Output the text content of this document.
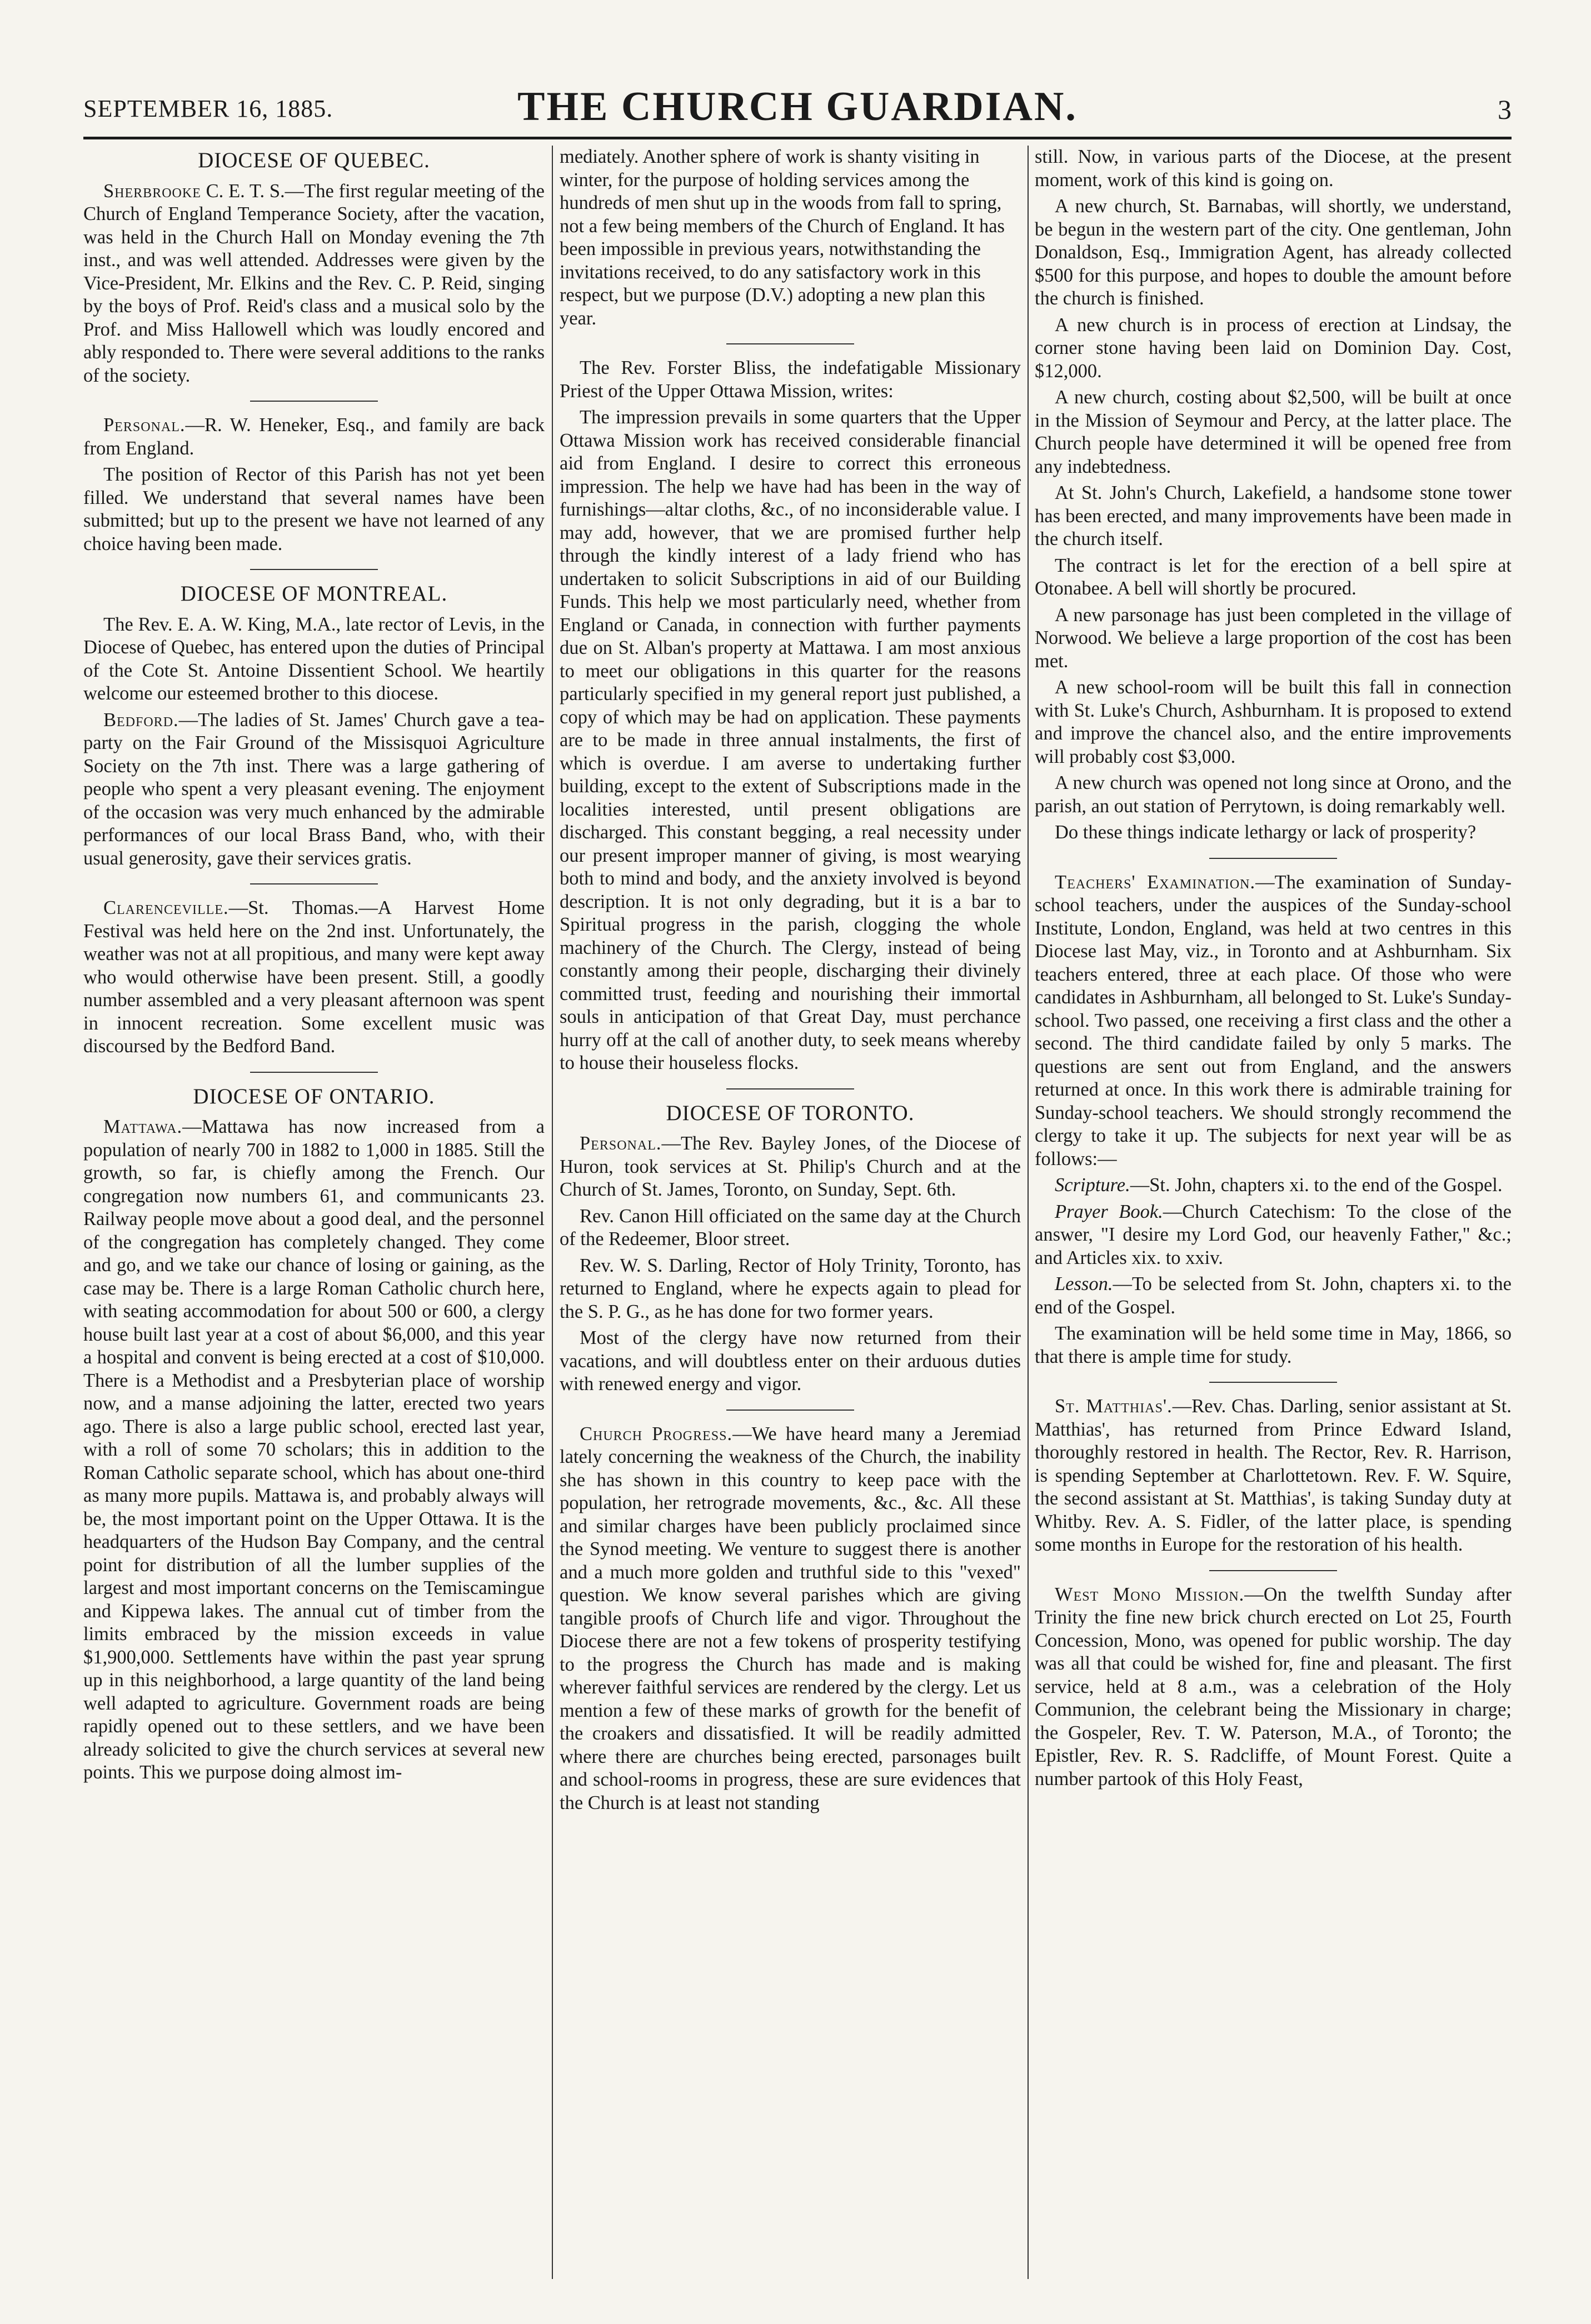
SEPTEMBER 16, 1885.	THE CHURCH GUARDIAN.	3
DIOCESE OF QUEBEC.

Sherbrooke C. E. T. S.—The first regular meeting of the Church of England Temperance Society, after the vacation, was held in the Church Hall on Monday evening the 7th inst., and was well attended. Addresses were given by the Vice-President, Mr. Elkins and the Rev. C. P. Reid, singing by the boys of Prof. Reid's class and a musical solo by the Prof. and Miss Hallowell which was loudly encored and ably responded to. There were several additions to the ranks of the society.

Personal.—R. W. Heneker, Esq., and family are back from England.

The position of Rector of this Parish has not yet been filled. We understand that several names have been submitted; but up to the present we have not learned of any choice having been made.

DIOCESE OF MONTREAL.

The Rev. E. A. W. King, M.A., late rector of Levis, in the Diocese of Quebec, has entered upon the duties of Principal of the Cote St. Antoine Dissentient School. We heartily welcome our esteemed brother to this diocese.

Bedford.—The ladies of St. James' Church gave a tea-party on the Fair Ground of the Missisquoi Agriculture Society on the 7th inst. There was a large gathering of people who spent a very pleasant evening. The enjoyment of the occasion was very much enhanced by the admirable performances of our local Brass Band, who, with their usual generosity, gave their services gratis.

Clarenceville.—St. Thomas.—A Harvest Home Festival was held here on the 2nd inst. Unfortunately, the weather was not at all propitious, and many were kept away who would otherwise have been present. Still, a goodly number assembled and a very pleasant afternoon was spent in innocent recreation. Some excellent music was discoursed by the Bedford Band.

DIOCESE OF ONTARIO.

Mattawa.—Mattawa has now increased from a population of nearly 700 in 1882 to 1,000 in 1885. Still the growth, so far, is chiefly among the French. Our congregation now numbers 61, and communicants 23. Railway people move about a good deal, and the personnel of the congregation has completely changed. They come and go, and we take our chance of losing or gaining, as the case may be. There is a large Roman Catholic church here, with seating accommodation for about 500 or 600, a clergy house built last year at a cost of about $6,000, and this year a hospital and convent is being erected at a cost of $10,000. There is a Methodist and a Presbyterian place of worship now, and a manse adjoining the latter, erected two years ago. There is also a large public school, erected last year, with a roll of some 70 scholars; this in addition to the Roman Catholic separate school, which has about one-third as many more pupils. Mattawa is, and probably always will be, the most important point on the Upper Ottawa. It is the headquarters of the Hudson Bay Company, and the central point for distribution of all the lumber supplies of the largest and most important concerns on the Temiscamingue and Kippewa lakes. The annual cut of timber from the limits embraced by the mission exceeds in value $1,900,000. Settlements have within the past year sprung up in this neighborhood, a large quantity of the land being well adapted to agriculture. Government roads are being rapidly opened out to these settlers, and we have been already solicited to give the church services at several new points. This we purpose doing almost im-

mediately. Another sphere of work is shanty visiting in winter, for the purpose of holding services among the hundreds of men shut up in the woods from fall to spring, not a few being members of the Church of England. It has been impossible in previous years, notwithstanding the invitations received, to do any satisfactory work in this respect, but we purpose (D.V.) adopting a new plan this year.

The Rev. Forster Bliss, the indefatigable Missionary Priest of the Upper Ottawa Mission, writes:

The impression prevails in some quarters that the Upper Ottawa Mission work has received considerable financial aid from England. I desire to correct this erroneous impression. The help we have had has been in the way of furnishings—altar cloths, &c., of no inconsiderable value. I may add, however, that we are promised further help through the kindly interest of a lady friend who has undertaken to solicit Subscriptions in aid of our Building Funds. This help we most particularly need, whether from England or Canada, in connection with further payments due on St. Alban's property at Mattawa. I am most anxious to meet our obligations in this quarter for the reasons particularly specified in my general report just published, a copy of which may be had on application. These payments are to be made in three annual instalments, the first of which is overdue. I am averse to undertaking further building, except to the extent of Subscriptions made in the localities interested, until present obligations are discharged. This constant begging, a real necessity under our present improper manner of giving, is most wearying both to mind and body, and the anxiety involved is beyond description. It is not only degrading, but it is a bar to Spiritual progress in the parish, clogging the whole machinery of the Church. The Clergy, instead of being constantly among their people, discharging their divinely committed trust, feeding and nourishing their immortal souls in anticipation of that Great Day, must perchance hurry off at the call of another duty, to seek means whereby to house their houseless flocks.

DIOCESE OF TORONTO.

Personal.—The Rev. Bayley Jones, of the Diocese of Huron, took services at St. Philip's Church and at the Church of St. James, Toronto, on Sunday, Sept. 6th.

Rev. Canon Hill officiated on the same day at the Church of the Redeemer, Bloor street.

Rev. W. S. Darling, Rector of Holy Trinity, Toronto, has returned to England, where he expects again to plead for the S. P. G., as he has done for two former years.

Most of the clergy have now returned from their vacations, and will doubtless enter on their arduous duties with renewed energy and vigor.

Church Progress.—We have heard many a Jeremiad lately concerning the weakness of the Church, the inability she has shown in this country to keep pace with the population, her retrograde movements, &c., &c. All these and similar charges have been publicly proclaimed since the Synod meeting. We venture to suggest there is another and a much more golden and truthful side to this "vexed" question. We know several parishes which are giving tangible proofs of Church life and vigor. Throughout the Diocese there are not a few tokens of prosperity testifying to the progress the Church has made and is making wherever faithful services are rendered by the clergy. Let us mention a few of these marks of growth for the benefit of the croakers and dissatisfied. It will be readily admitted where there are churches being erected, parsonages built and school-rooms in progress, these are sure evidences that the Church is at least not standing

still. Now, in various parts of the Diocese, at the present moment, work of this kind is going on.

A new church, St. Barnabas, will shortly, we understand, be begun in the western part of the city. One gentleman, John Donaldson, Esq., Immigration Agent, has already collected $500 for this purpose, and hopes to double the amount before the church is finished.

A new church is in process of erection at Lindsay, the corner stone having been laid on Dominion Day. Cost, $12,000.

A new church, costing about $2,500, will be built at once in the Mission of Seymour and Percy, at the latter place. The Church people have determined it will be opened free from any indebtedness.

At St. John's Church, Lakefield, a handsome stone tower has been erected, and many improvements have been made in the church itself.

The contract is let for the erection of a bell spire at Otonabee. A bell will shortly be procured.

A new parsonage has just been completed in the village of Norwood. We believe a large proportion of the cost has been met.

A new school-room will be built this fall in connection with St. Luke's Church, Ashburnham. It is proposed to extend and improve the chancel also, and the entire improvements will probably cost $3,000.

A new church was opened not long since at Orono, and the parish, an out station of Perrytown, is doing remarkably well.

Do these things indicate lethargy or lack of prosperity?

Teachers' Examination.—The examination of Sunday-school teachers, under the auspices of the Sunday-school Institute, London, England, was held at two centres in this Diocese last May, viz., in Toronto and at Ashburnham. Six teachers entered, three at each place. Of those who were candidates in Ashburnham, all belonged to St. Luke's Sunday-school. Two passed, one receiving a first class and the other a second. The third candidate failed by only 5 marks. The questions are sent out from England, and the answers returned at once. In this work there is admirable training for Sunday-school teachers. We should strongly recommend the clergy to take it up. The subjects for next year will be as follows:—

Scripture.—St. John, chapters xi. to the end of the Gospel.

Prayer Book.—Church Catechism: To the close of the answer, "I desire my Lord God, our heavenly Father," &c.; and Articles xix. to xxiv.

Lesson.—To be selected from St. John, chapters xi. to the end of the Gospel.

The examination will be held some time in May, 1866, so that there is ample time for study.

St. Matthias'.—Rev. Chas. Darling, senior assistant at St. Matthias', has returned from Prince Edward Island, thoroughly restored in health. The Rector, Rev. R. Harrison, is spending September at Charlottetown. Rev. F. W. Squire, the second assistant at St. Matthias', is taking Sunday duty at Whitby. Rev. A. S. Fidler, of the latter place, is spending some months in Europe for the restoration of his health.

West Mono Mission.—On the twelfth Sunday after Trinity the fine new brick church erected on Lot 25, Fourth Concession, Mono, was opened for public worship. The day was all that could be wished for, fine and pleasant. The first service, held at 8 a.m., was a celebration of the Holy Communion, the celebrant being the Missionary in charge; the Gospeler, Rev. T. W. Paterson, M.A., of Toronto; the Epistler, Rev. R. S. Radcliffe, of Mount Forest. Quite a number partook of this Holy Feast,
